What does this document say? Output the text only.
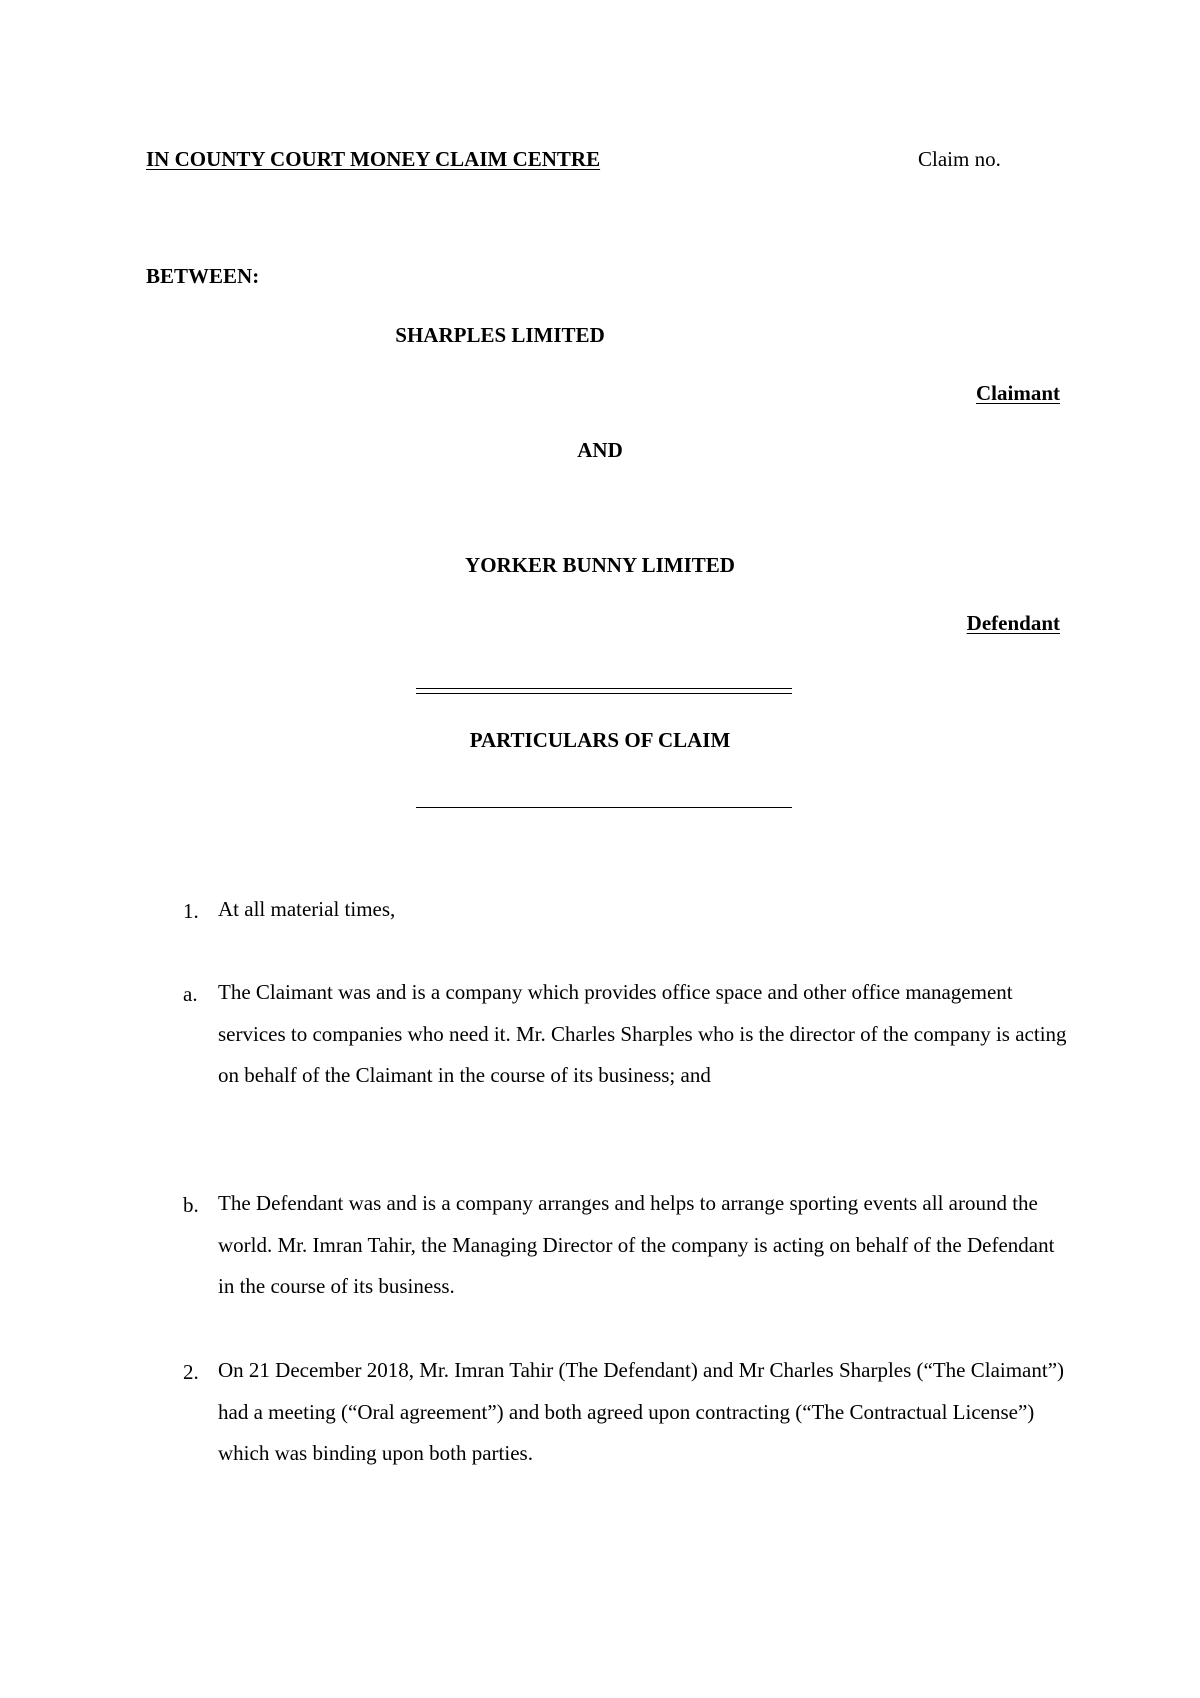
IN COUNTY COURT MONEY CLAIM CENTRE	Claim no.
BETWEEN:
SHARPLES LIMITED
Claimant
AND
YORKER BUNNY LIMITED
Defendant
PARTICULARS OF CLAIM
1. At all material times,
a. The Claimant was and is a company which provides office space and other office management services to companies who need it. Mr. Charles Sharples who is the director of the company is acting on behalf of the Claimant in the course of its business; and
b. The Defendant was and is a company arranges and helps to arrange sporting events all around the world. Mr. Imran Tahir, the Managing Director of the company is acting on behalf of the Defendant in the course of its business.
2. On 21 December 2018, Mr. Imran Tahir (The Defendant) and Mr Charles Sharples (“The Claimant”) had a meeting (“Oral agreement”) and both agreed upon contracting (“The Contractual License”) which was binding upon both parties.
